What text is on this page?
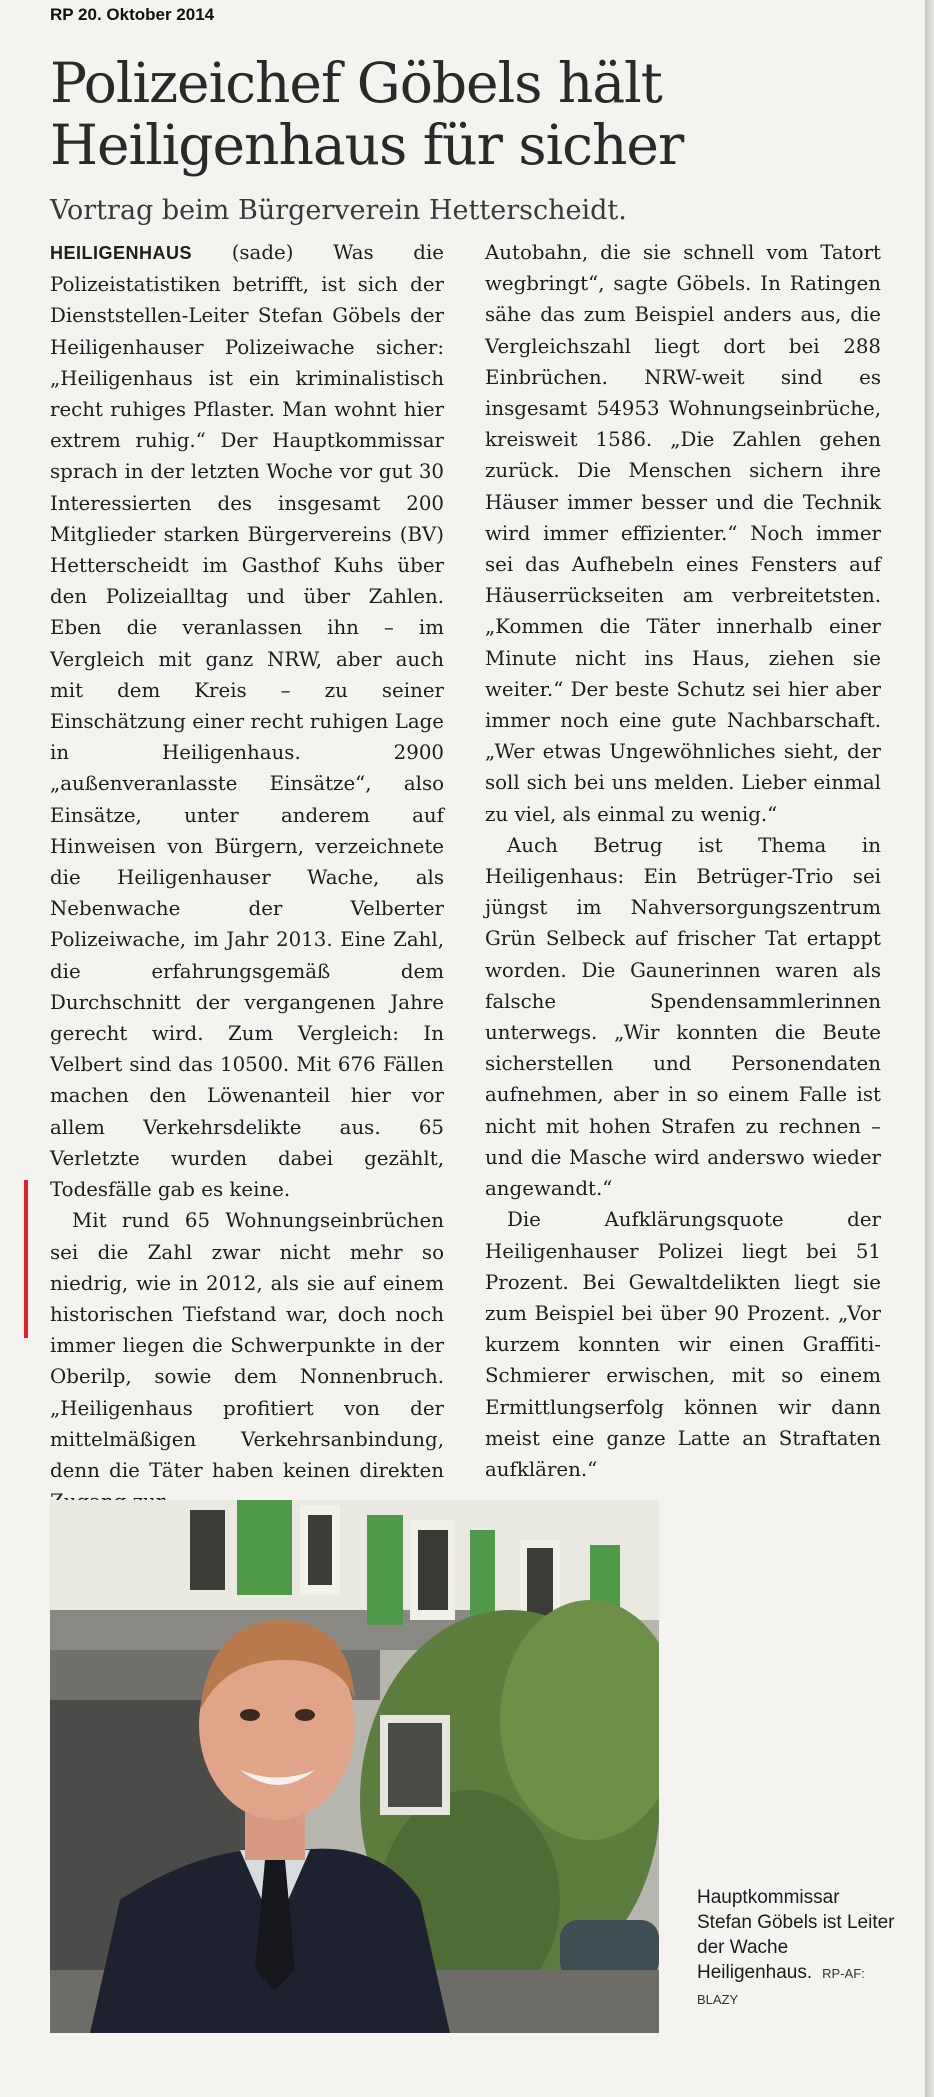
RP 20. Oktober 2014
Polizeichef Göbels hält
Heiligenhaus für sicher
Vortrag beim Bürgerverein Hetterscheidt.

HEILIGENHAUS (sade) Was die Polizeistatistiken betrifft, ist sich der Dienststellen-Leiter Stefan Göbels der Heiligenhauser Polizeiwache sicher: „Heiligenhaus ist ein kriminalistisch recht ruhiges Pflaster. Man wohnt hier extrem ruhig.“ Der Hauptkommissar sprach in der letzten Woche vor gut 30 Interessierten des insgesamt 200 Mitglieder starken Bürgervereins (BV) Hetterscheidt im Gasthof Kuhs über den Polizeialltag und über Zahlen. Eben die veranlassen ihn – im Vergleich mit ganz NRW, aber auch mit dem Kreis – zu seiner Einschätzung einer recht ruhigen Lage in Heiligenhaus. 2900 „außenveranlasste Einsätze“, also Einsätze, unter anderem auf Hinweisen von Bürgern, verzeichnete die Heiligenhauser Wache, als Nebenwache der Velberter Polizeiwache, im Jahr 2013. Eine Zahl, die erfahrungsgemäß dem Durchschnitt der vergangenen Jahre gerecht wird. Zum Vergleich: In Velbert sind das 10500. Mit 676 Fällen machen den Löwenanteil hier vor allem Verkehrsdelikte aus. 65 Verletzte wurden dabei gezählt, Todesfälle gab es keine.

Mit rund 65 Wohnungseinbrüchen sei die Zahl zwar nicht mehr so niedrig, wie in 2012, als sie auf einem historischen Tiefstand war, doch noch immer liegen die Schwerpunkte in der Oberilp, sowie dem Nonnenbruch. „Heiligenhaus profitiert von der mittelmäßigen Verkehrsanbindung, denn die Täter haben keinen direkten

Autobahn, die sie schnell vom Tatort wegbringt“, sagte Göbels. In Ratingen sähe das zum Beispiel anders aus, die Vergleichszahl liegt dort bei 288 Einbrüchen. NRW-weit sind es insgesamt 54953 Wohnungseinbrüche, kreisweit 1586. „Die Zahlen gehen zurück. Die Menschen sichern ihre Häuser immer besser und die Technik wird immer effizienter.“ Noch immer sei das Aufhebeln eines Fensters auf Häuserrückseiten am verbreitetsten. „Kommen die Täter innerhalb einer Minute nicht ins Haus, ziehen sie weiter.“ Der beste Schutz sei hier aber immer noch eine gute Nachbarschaft. „Wer etwas Ungewöhnliches sieht, der soll sich bei uns melden. Lieber einmal zu viel, als einmal zu wenig.“

Auch Betrug ist Thema in Heiligenhaus: Ein Betrüger-Trio sei jüngst im Nahversorgungszentrum Grün Selbeck auf frischer Tat ertappt worden. Die Gaunerinnen waren als falsche Spendensammlerinnen unterwegs. „Wir konnten die Beute sicherstellen und Personendaten aufnehmen, aber in so einem Falle ist nicht mit hohen Strafen zu rechnen – und die Masche wird anderswo wieder angewandt.“

Die Aufklärungsquote der Heiligenhauser Polizei liegt bei 51 Prozent. Bei Gewaltdelikten liegt sie zum Beispiel bei über 90 Prozent. „Vor kurzem konnten wir einen Graffiti-Schmierer erwischen, mit so einem Ermittlungserfolg können wir dann meist eine ganze Latte an Straftaten aufklären.“

Hauptkommissar Stefan Göbels ist Leiter der Wache Heiligenhaus. RP-AF: BLAZY
